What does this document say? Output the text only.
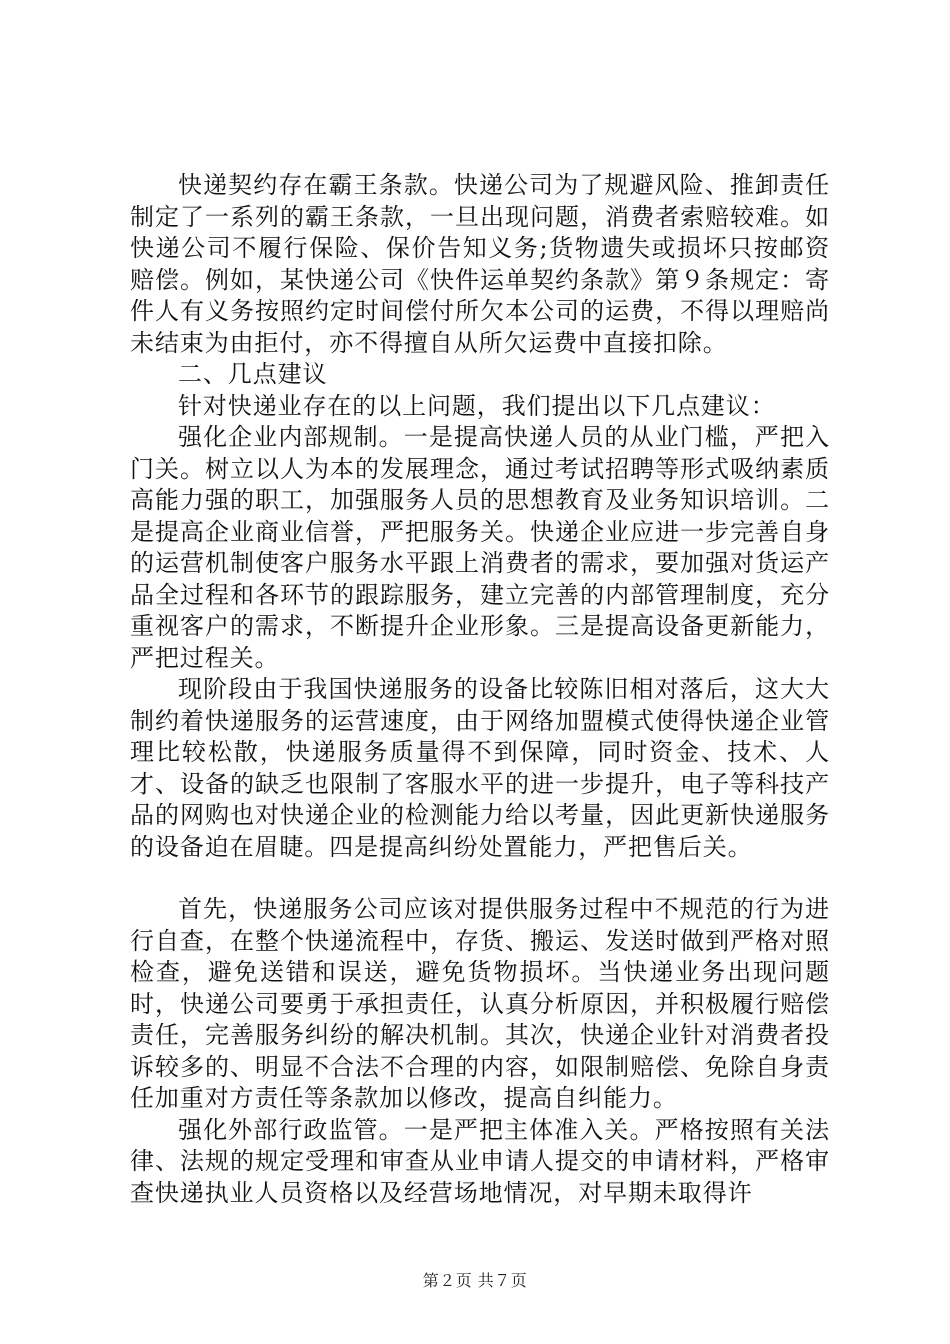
快递契约存在霸王条款。快递公司为了规避风险、推卸责任制定了一系列的霸王条款，一旦出现问题，消费者索赔较难。如快递公司不履行保险、保价告知义务;货物遗失或损坏只按邮资赔偿。例如，某快递公司《快件运单契约条款》第９条规定：寄件人有义务按照约定时间偿付所欠本公司的运费，不得以理赔尚未结束为由拒付，亦不得擅自从所欠运费中直接扣除。

二、几点建议

针对快递业存在的以上问题，我们提出以下几点建议：

强化企业内部规制。一是提高快递人员的从业门槛，严把入门关。树立以人为本的发展理念，通过考试招聘等形式吸纳素质高能力强的职工，加强服务人员的思想教育及业务知识培训。二是提高企业商业信誉，严把服务关。快递企业应进一步完善自身的运营机制使客户服务水平跟上消费者的需求，要加强对货运产品全过程和各环节的跟踪服务，建立完善的内部管理制度，充分重视客户的需求，不断提升企业形象。三是提高设备更新能力，严把过程关。

现阶段由于我国快递服务的设备比较陈旧相对落后，这大大制约着快递服务的运营速度，由于网络加盟模式使得快递企业管理比较松散，快递服务质量得不到保障，同时资金、技术、人才、设备的缺乏也限制了客服水平的进一步提升，电子等科技产品的网购也对快递企业的检测能力给以考量，因此更新快递服务的设备迫在眉睫。四是提高纠纷处置能力，严把售后关。

首先，快递服务公司应该对提供服务过程中不规范的行为进行自查，在整个快递流程中，存货、搬运、发送时做到严格对照检查，避免送错和误送，避免货物损坏。当快递业务出现问题时，快递公司要勇于承担责任，认真分析原因，并积极履行赔偿责任，完善服务纠纷的解决机制。其次，快递企业针对消费者投诉较多的、明显不合法不合理的内容，如限制赔偿、免除自身责任加重对方责任等条款加以修改，提高自纠能力。

强化外部行政监管。一是严把主体准入关。严格按照有关法律、法规的规定受理和审查从业申请人提交的申请材料，严格审查快递执业人员资格以及经营场地情况，对早期未取得许

第２页 共７页
